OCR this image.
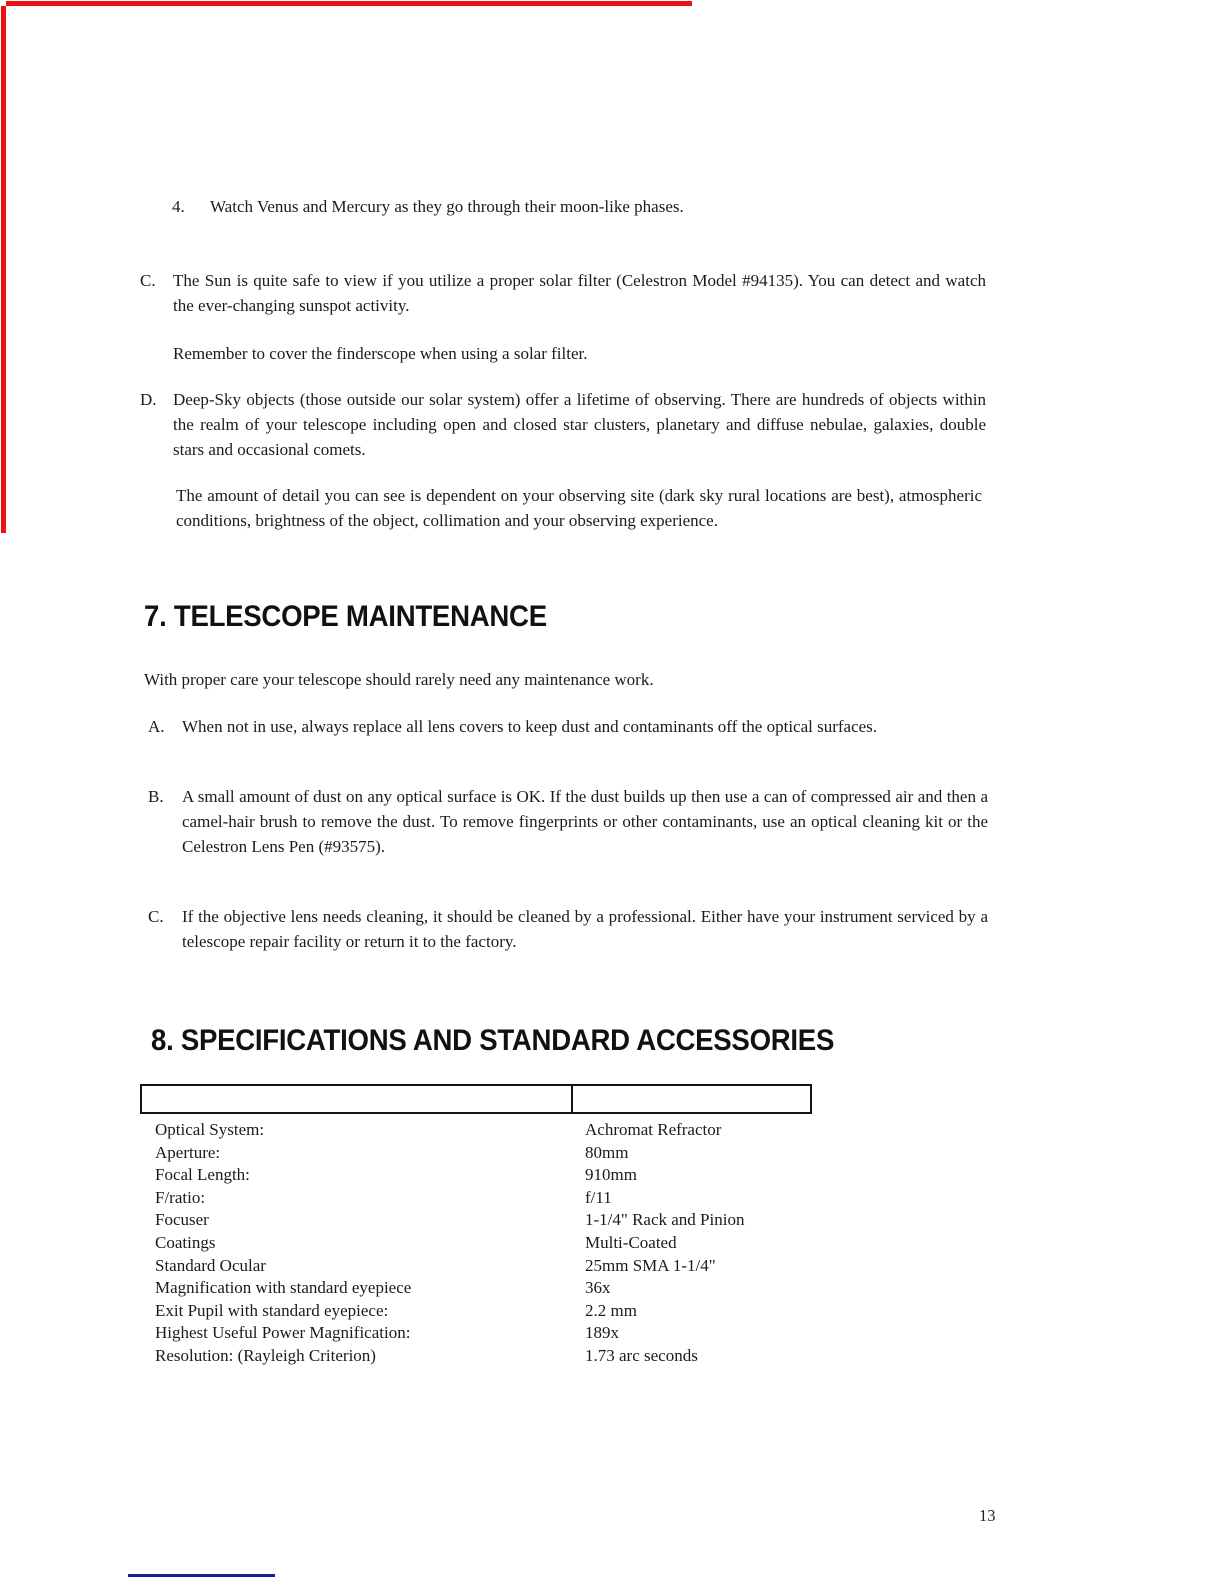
4. Watch Venus and Mercury as they go through their moon-like phases.
C. The Sun is quite safe to view if you utilize a proper solar filter (Celestron Model #94135). You can detect and watch the ever-changing sunspot activity.
Remember to cover the finderscope when using a solar filter.
D. Deep-Sky objects (those outside our solar system) offer a lifetime of observing. There are hundreds of objects within the realm of your telescope including open and closed star clusters, planetary and diffuse nebulae, galaxies, double stars and occasional comets.
The amount of detail you can see is dependent on your observing site (dark sky rural locations are best), atmospheric conditions, brightness of the object, collimation and your observing experience.
7. TELESCOPE MAINTENANCE
With proper care your telescope should rarely need any maintenance work.
A. When not in use, always replace all lens covers to keep dust and contaminants off the optical surfaces.
B. A small amount of dust on any optical surface is OK. If the dust builds up then use a can of compressed air and then a camel-hair brush to remove the dust. To remove fingerprints or other contaminants, use an optical cleaning kit or the Celestron Lens Pen (#93575).
C. If the objective lens needs cleaning, it should be cleaned by a professional. Either have your instrument serviced by a telescope repair facility or return it to the factory.
8. SPECIFICATIONS AND STANDARD ACCESSORIES
Optical System:	Achromat Refractor
Aperture:	80mm
Focal Length:	910mm
F/ratio:	f/11
Focuser	1-1/4" Rack and Pinion
Coatings	Multi-Coated
Standard Ocular	25mm SMA 1-1/4"
Magnification with standard eyepiece	36x
Exit Pupil with standard eyepiece:	2.2 mm
Highest Useful Power Magnification:	189x
Resolution: (Rayleigh Criterion)	1.73 arc seconds
13
